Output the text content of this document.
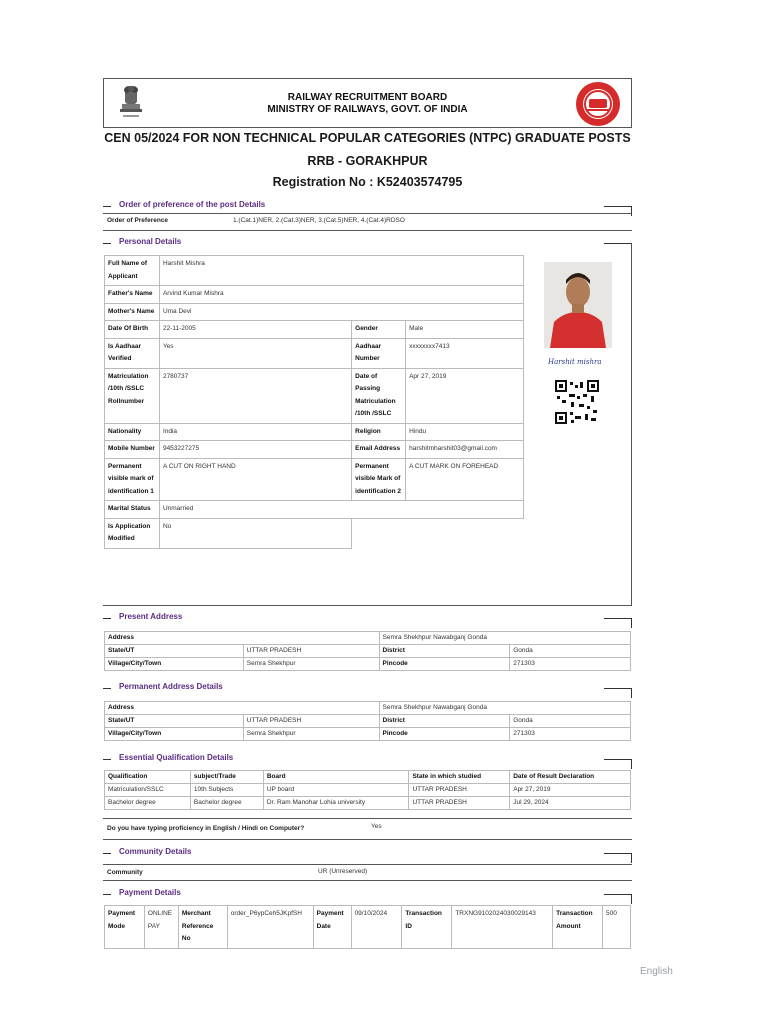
RAILWAY RECRUITMENT BOARD
MINISTRY OF RAILWAYS, GOVT. OF INDIA
CEN 05/2024 FOR NON TECHNICAL POPULAR CATEGORIES (NTPC) GRADUATE POSTS
RRB - GORAKHPUR
Registration No : K52403574795
Order of preference of the post Details
Order of Preference	1.(Cat.1)NER, 2.(Cat.3)NER, 3.(Cat.5)NER, 4.(Cat.4)RDSO
Personal Details
Full Name of Applicant	Harshit Mishra		
Father's Name	Arvind Kumar Mishra		
Mother's Name	Uma Devi		
Date Of Birth	22-11-2005	Gender	Male
Is Aadhaar Verified	Yes	Aadhaar Number	xxxxxxxx7413
Matriculation /10th /SSLC Rollnumber	2780737	Date of Passing Matriculation /10th /SSLC	Apr 27, 2019
Nationality	India	Religion	Hindu
Mobile Number	9453227275	Email Address	harshitmharshit03@gmail.com
Permanent visible mark of identification 1	A CUT ON RIGHT HAND	Permanent visible Mark of identification 2	A CUT MARK ON FOREHEAD
Marital Status	Unmarried		
Is Application Modified	No		
Harshit mishra
Present Address
Address		Semra Shekhpur Nawabganj Gonda	
State/UT	UTTAR PRADESH	District	Gonda
Village/City/Town	Semra Shekhpur	Pincode	271303
Permanent Address Details
Address		Semra Shekhpur Nawabganj Gonda	
State/UT	UTTAR PRADESH	District	Gonda
Village/City/Town	Semra Shekhpur	Pincode	271303
Essential Qualification Details
Qualification	subject/Trade	Board	State in which studied	Date of Result Declaration
Matriculation/SSLC	10th Subjects	UP board	UTTAR PRADESH	Apr 27, 2019
Bachelor degree	Bachelor degree	Dr. Ram Manohar Lohia university	UTTAR PRADESH	Jul 29, 2024
Do you have typing proficiency in English / Hindi on Computer?	Yes
Community Details
Community	UR (Unreserved)
Payment Details
Payment Mode	ONLINE PAY	Merchant Reference No	order_P6ypCeh5JKpfSH	Payment Date	09/10/2024	Transaction ID	TRXNG9102024030029143	Transaction Amount	500
English
